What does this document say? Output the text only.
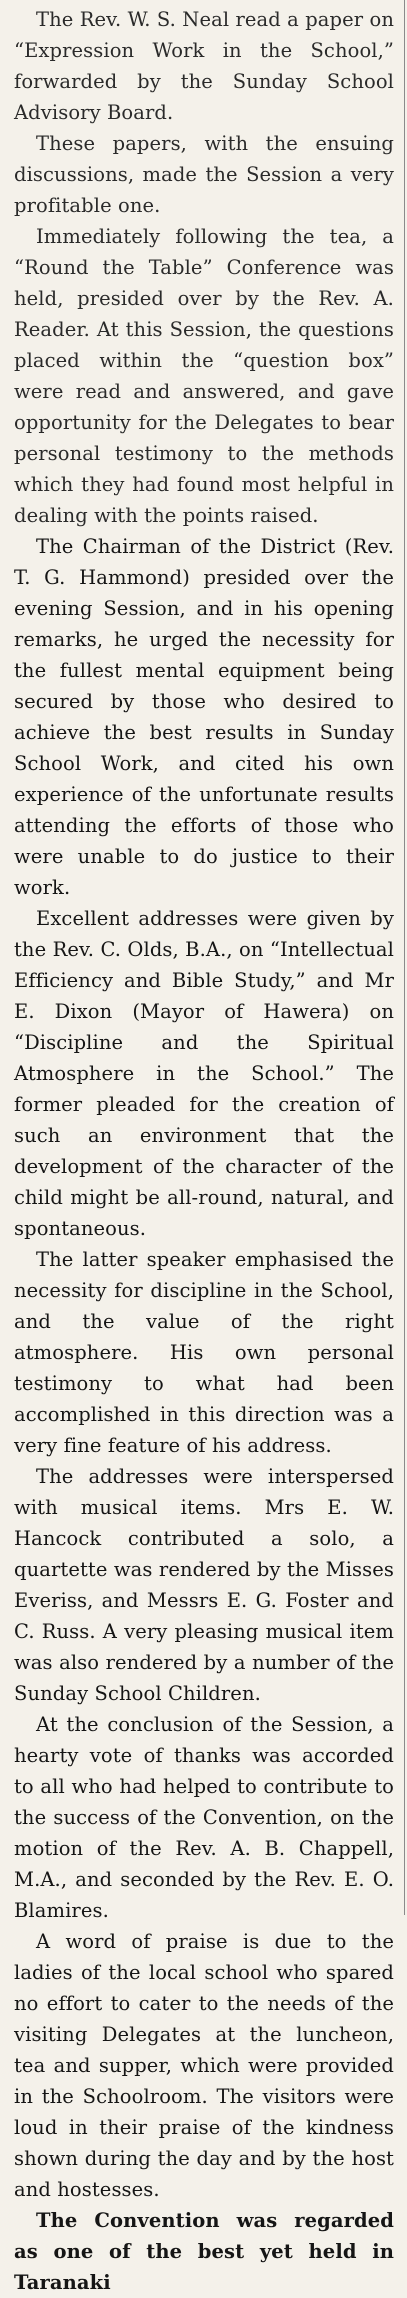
The Rev. W. S. Neal read a paper on “Expression Work in the School,” forwarded by the Sunday School Advisory Board.

These papers, with the ensuing discussions, made the Session a very profitable one.

Immediately following the tea, a “Round the Table” Conference was held, presided over by the Rev. A. Reader. At this Session, the questions placed within the “question box” were read and answered, and gave opportunity for the Delegates to bear personal testimony to the methods which they had found most helpful in dealing with the points raised.

The Chairman of the District (Rev. T. G. Hammond) presided over the evening Session, and in his opening remarks, he urged the necessity for the fullest mental equipment being secured by those who desired to achieve the best results in Sunday School Work, and cited his own experience of the unfortunate results attending the efforts of those who were unable to do justice to their work.

Excellent addresses were given by the Rev. C. Olds, B.A., on “Intellectual Efficiency and Bible Study,” and Mr E. Dixon (Mayor of Hawera) on “Discipline and the Spiritual Atmosphere in the School.” The former pleaded for the creation of such an environment that the development of the character of the child might be all-round, natural, and spontaneous.

The latter speaker emphasised the necessity for discipline in the School, and the value of the right atmosphere. His own personal testimony to what had been accomplished in this direction was a very fine feature of his address.

The addresses were interspersed with musical items. Mrs E. W. Hancock contributed a solo, a quartette was rendered by the Misses Everiss, and Messrs E. G. Foster and C. Russ. A very pleasing musical item was also rendered by a number of the Sunday School Children.

At the conclusion of the Session, a hearty vote of thanks was accorded to all who had helped to contribute to the success of the Convention, on the motion of the Rev. A. B. Chappell, M.A., and seconded by the Rev. E. O. Blamires.

A word of praise is due to the ladies of the local school who spared no effort to cater to the needs of the visiting Delegates at the luncheon, tea and supper, which were provided in the Schoolroom. The visitors were loud in their praise of the kindness shown during the day and by the host and hostesses.

The Convention was regarded as one of the best yet held in Taranaki
